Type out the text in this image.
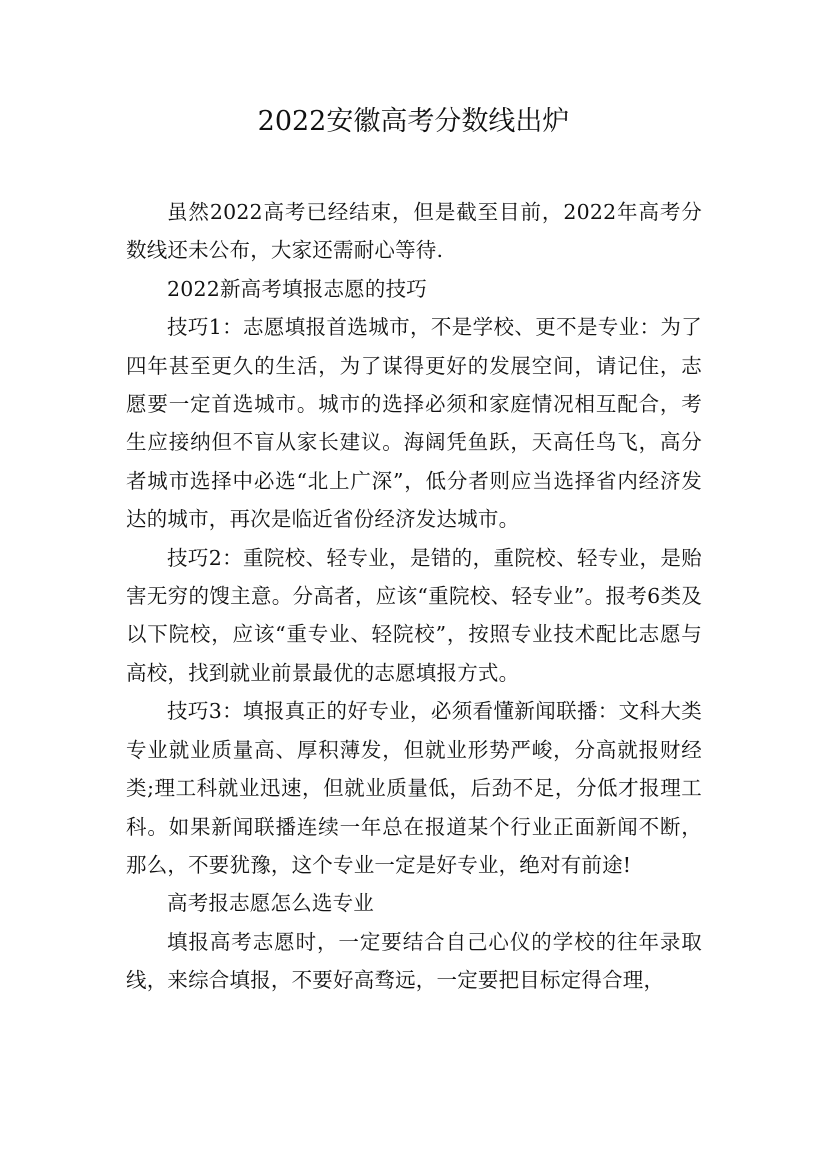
2022安徽高考分数线出炉

虽然2022高考已经结束，但是截至目前，2022年高考分数线还未公布，大家还需耐心等待.

2022新高考填报志愿的技巧

技巧1：志愿填报首选城市，不是学校、更不是专业：为了四年甚至更久的生活，为了谋得更好的发展空间，请记住，志愿要一定首选城市。城市的选择必须和家庭情况相互配合，考生应接纳但不盲从家长建议。海阔凭鱼跃，天高任鸟飞，高分者城市选择中必选“北上广深”，低分者则应当选择省内经济发达的城市，再次是临近省份经济发达城市。

技巧2：重院校、轻专业，是错的，重院校、轻专业，是贻害无穷的馊主意。分高者，应该“重院校、轻专业”。报考6类及以下院校，应该“重专业、轻院校”，按照专业技术配比志愿与高校，找到就业前景最优的志愿填报方式。

技巧3：填报真正的好专业，必须看懂新闻联播：文科大类专业就业质量高、厚积薄发，但就业形势严峻，分高就报财经类;理工科就业迅速，但就业质量低，后劲不足，分低才报理工科。如果新闻联播连续一年总在报道某个行业正面新闻不断，那么，不要犹豫，这个专业一定是好专业，绝对有前途!

高考报志愿怎么选专业

填报高考志愿时，一定要结合自己心仪的学校的往年录取线，来综合填报，不要好高骛远，一定要把目标定得合理，
